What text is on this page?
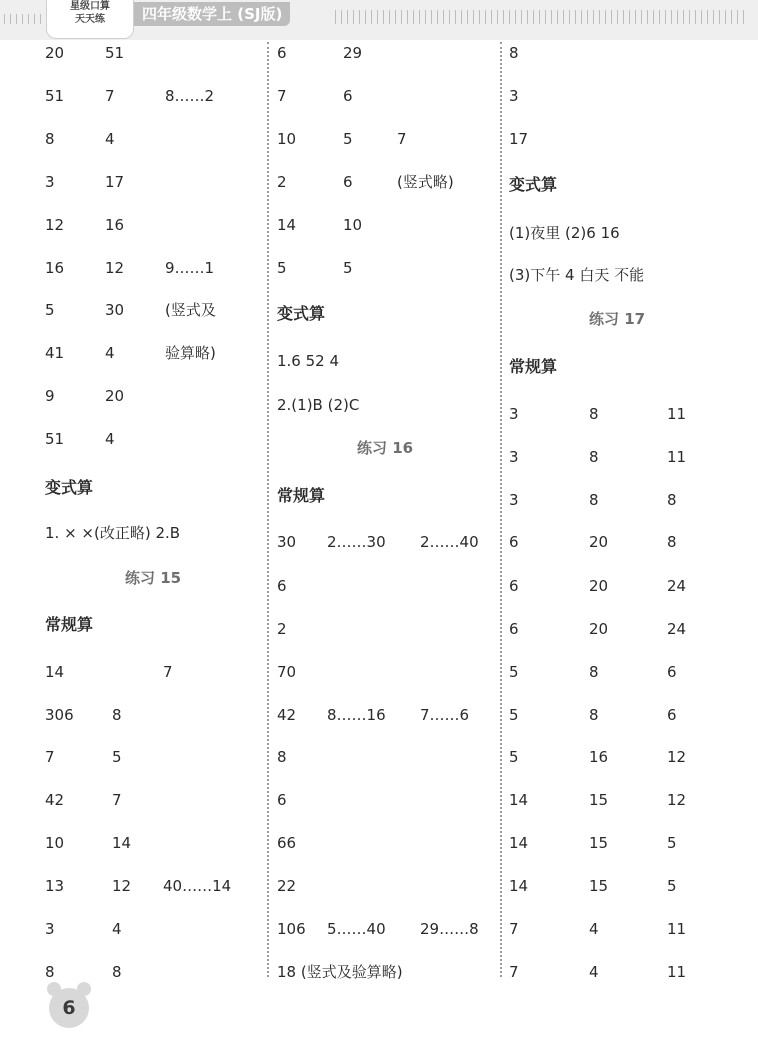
星级口算
天天练	四年级数学上 (SJ版)
20	51
51	7	8……2
8	4
3	17
12	16
16	12	9……1
5	30	(竖式及
41	4	验算略)
9	20
51	4
变式算
1. × ×(改正略) 2.B
练习 15
常规算
14	7
306	8
7	5
42	7
10	14
13	12 40……14
3	4
8	8
6	29
7	6
10	5	7
2	6	(竖式略)
14	10
5	5
变式算
1.6 52 4
2.(1)B (2)C
练习 16
常规算
30 2……30 2……40
6
2
70
42 8……16 7……6
8
6
66
22
106 5……40 29……8
18 (竖式及验算略)
8
3
17
变式算
(1)夜里 (2)6 16
(3)下午 4 白天 不能
练习 17
常规算
3	8	11
3	8	11
3	8	8
6	20	8
6	20	24
6	20	24
5	8	6
5	8	6
5	16	12
14	15	12
14	15	5
14	15	5
7	4	11
7	4	11
6
